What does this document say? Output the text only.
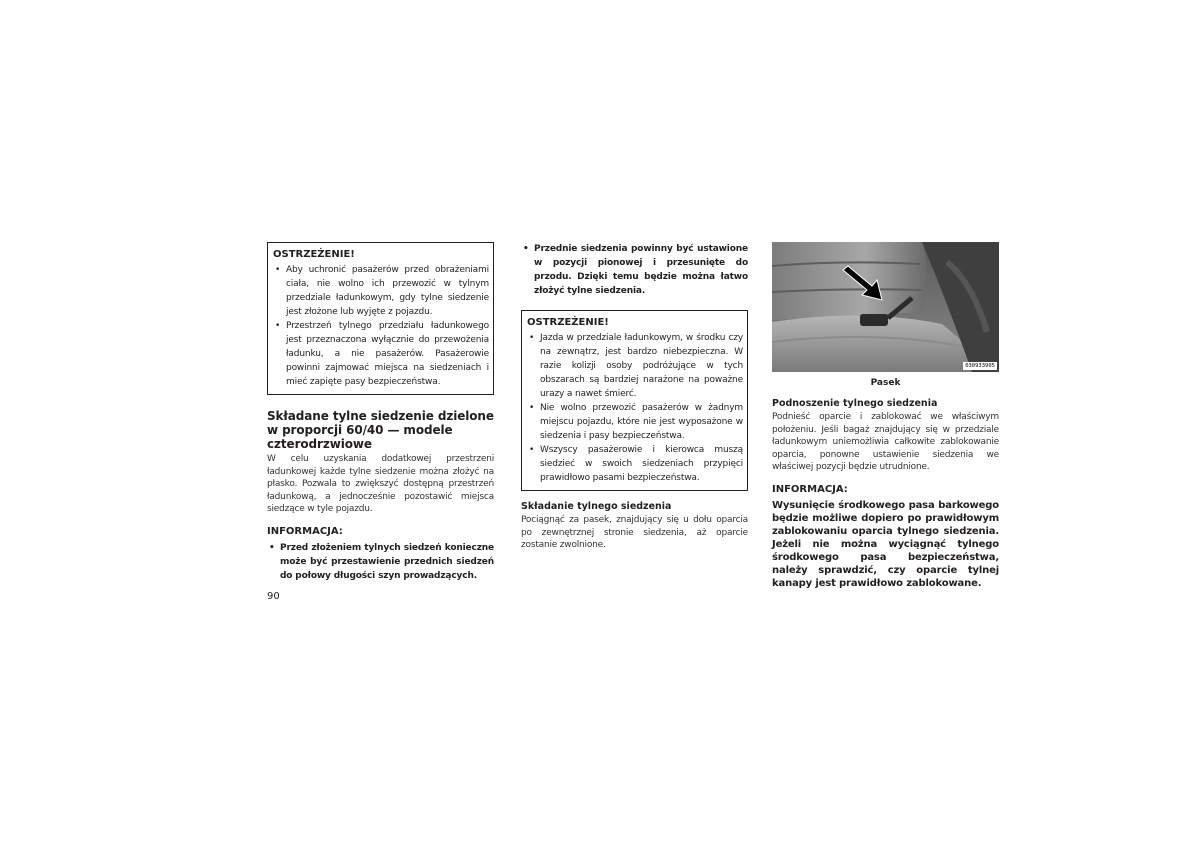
OSTRZEŻENIE!
• Aby uchronić pasażerów przed obrażeniami ciała, nie wolno ich przewozić w tylnym przedziale ładunkowym, gdy tylne siedzenie jest złożone lub wyjęte z pojazdu.
• Przestrzeń tylnego przedziału ładunkowego jest przeznaczona wyłącznie do przewożenia ładunku, a nie pasażerów. Pasażerowie powinni zajmować miejsca na siedzeniach i mieć zapięte pasy bezpieczeństwa.
Składane tylne siedzenie dzielone w proporcji 60/40 — modele czterodrzwiowe

W celu uzyskania dodatkowej przestrzeni ładunkowej każde tylne siedzenie można złożyć na płasko. Pozwala to zwiększyć dostępną przestrzeń ładunkową, a jednocześnie pozostawić miejsca siedzące w tyle pojazdu.

INFORMACJA:
• Przed złożeniem tylnych siedzeń konieczne może być przestawienie przednich siedzeń do połowy długości szyn prowadzących.
• Przednie siedzenia powinny być ustawione w pozycji pionowej i przesunięte do przodu. Dzięki temu będzie można łatwo złożyć tylne siedzenia.
OSTRZEŻENIE!
• Jazda w przedziale ładunkowym, w środku czy na zewnątrz, jest bardzo niebezpieczna. W razie kolizji osoby podróżujące w tych obszarach są bardziej narażone na poważne urazy a nawet śmierć.
• Nie wolno przewozić pasażerów w żadnym miejscu pojazdu, które nie jest wyposażone w siedzenia i pasy bezpieczeństwa.
• Wszyscy pasażerowie i kierowca muszą siedzieć w swoich siedzeniach przypięci prawidłowo pasami bezpieczeństwa.
Składanie tylnego siedzenia

Pociągnąć za pasek, znajdujący się u dołu oparcia po zewnętrznej stronie siedzenia, aż oparcie zostanie zwolnione.

030933905
Pasek
Podnoszenie tylnego siedzenia

Podnieść oparcie i zablokować we właściwym położeniu. Jeśli bagaż znajdujący się w przedziale ładunkowym uniemożliwia całkowite zablokowanie oparcia, ponowne ustawienie siedzenia we właściwej pozycji będzie utrudnione.

INFORMACJA:

Wysunięcie środkowego pasa barkowego będzie możliwe dopiero po prawidłowym zablokowaniu oparcia tylnego siedzenia. Jeżeli nie można wyciągnąć tylnego środkowego pasa bezpieczeństwa, należy sprawdzić, czy oparcie tylnej kanapy jest prawidłowo zablokowane.

90
